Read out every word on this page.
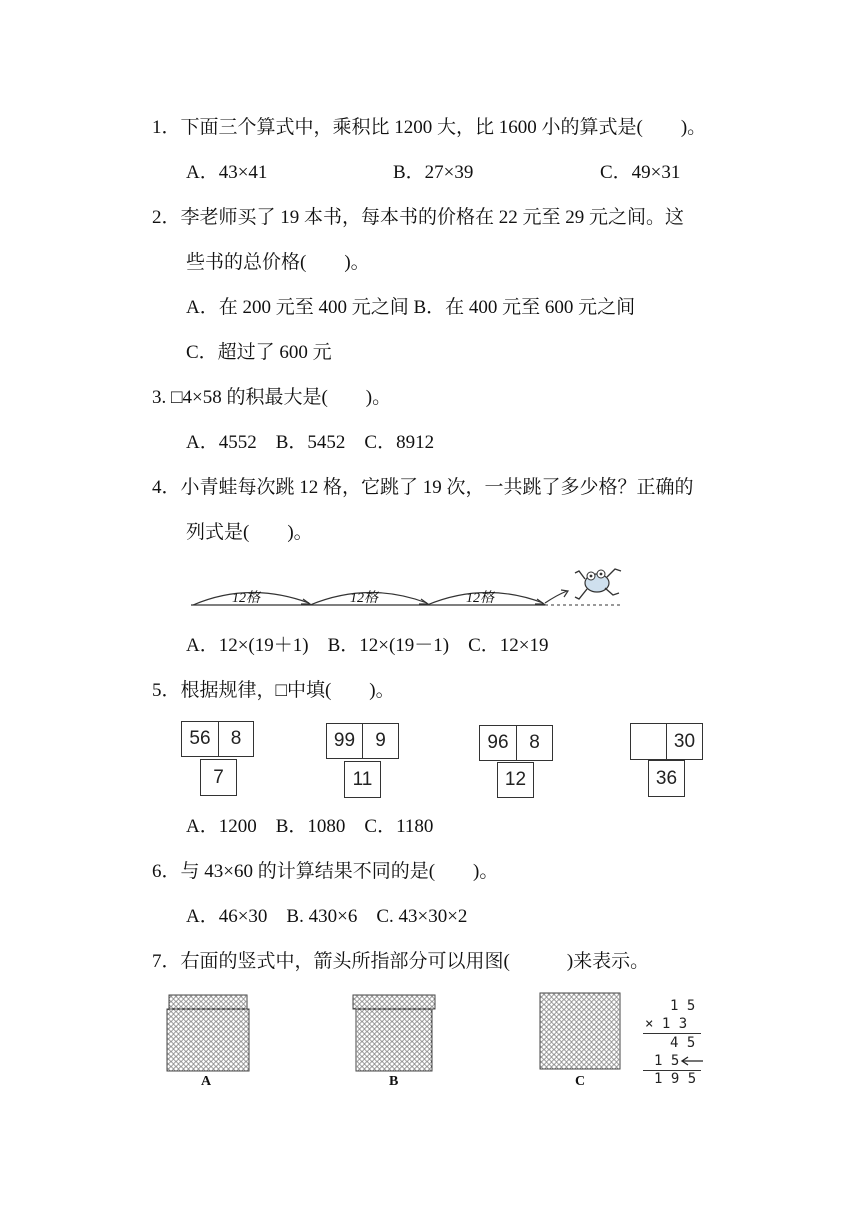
1．下面三个算式中，乘积比 1200 大，比 1600 小的算式是(　　)。
A．43×41	B．27×39	C．49×31
2．李老师买了 19 本书，每本书的价格在 22 元至 29 元之间。这
些书的总价格(　　)。
A．在 200 元至 400 元之间 B．在 400 元至 600 元之间
C．超过了 600 元
3. □4×58 的积最大是(　　)。
A．4552　B．5452　C．8912
4．小青蛙每次跳 12 格，它跳了 19 次，一共跳了多少格？正确的
列式是(　　)。
12格	12格	12格
A．12×(19＋1)　B．12×(19－1)　C．12×19
5．根据规律，□中填(　　)。
56	8
7
99	9
11
96	8
12
30
36
A．1200　B．1080　C．1180
6．与 43×60 的计算结果不同的是(　　)。
A．46×30　B. 430×6　C. 43×30×2
7．右面的竖式中，箭头所指部分可以用图(　　　)来表示。
A	B	C
1 5
× 1 3
4 5
1 5
1 9 5
